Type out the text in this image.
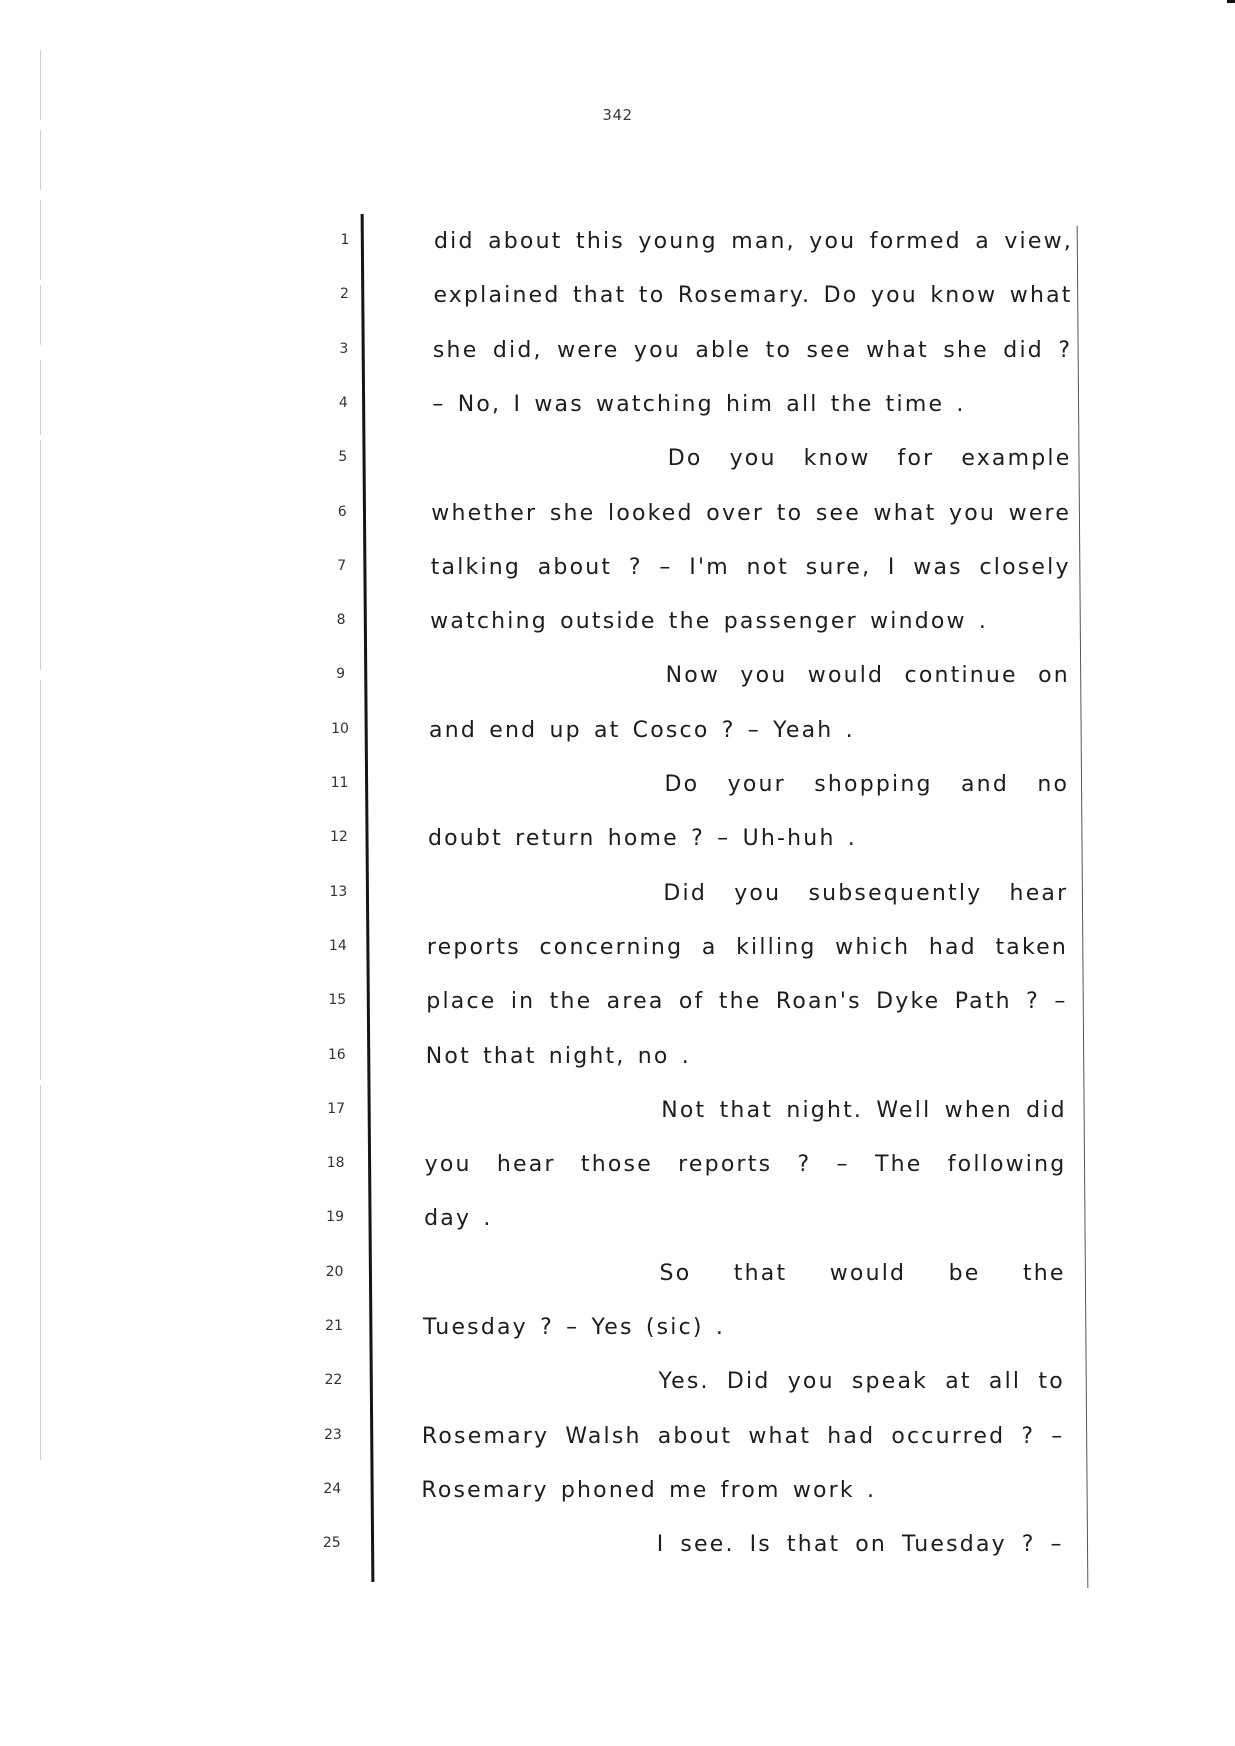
342
1	did about this young man, you formed a view,
2	explained that to Rosemary. Do you know what
3	she did, were you able to see what she did ?
4	– No, I was watching him all the time .
5	Do you know for example
6	whether she looked over to see what you were
7	talking about ? – I'm not sure, I was closely
8	watching outside the passenger window .
9	Now you would continue on
10	and end up at Cosco ? – Yeah .
11	Do your shopping and no
12	doubt return home ? – Uh-huh .
13	Did you subsequently hear
14	reports concerning a killing which had taken
15	place in the area of the Roan's Dyke Path ? –
16	Not that night, no .
17	Not that night. Well when did
18	you hear those reports ? – The following
19	day .
20	So that would be the
21	Tuesday ? – Yes (sic) .
22	Yes. Did you speak at all to
23	Rosemary Walsh about what had occurred ? –
24	Rosemary phoned me from work .
25	I see. Is that on Tuesday ? –
